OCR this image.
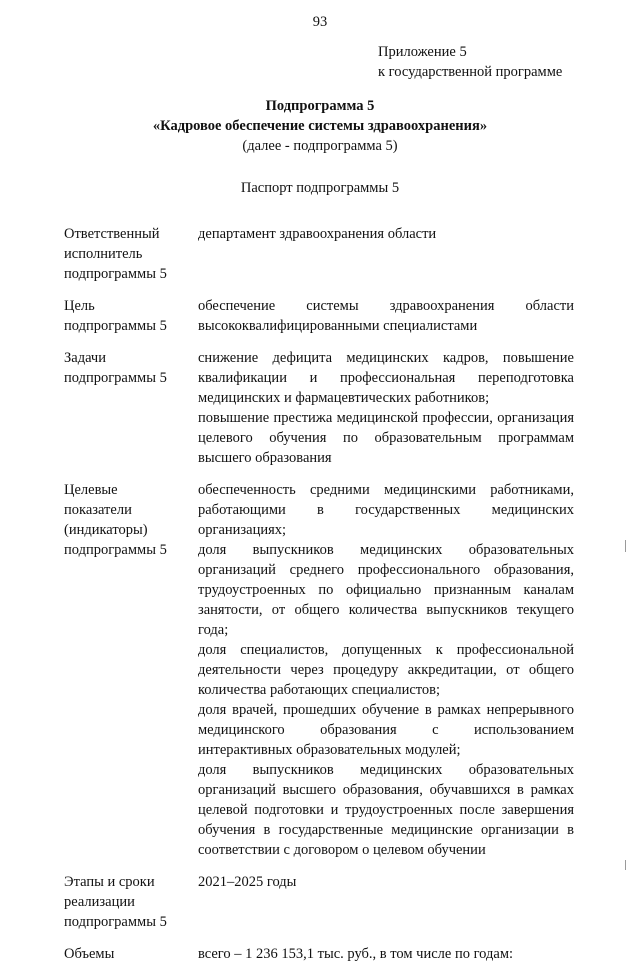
93
Приложение 5
к государственной программе
Подпрограмма 5
«Кадровое обеспечение системы здравоохранения»
(далее - подпрограмма 5)
Паспорт подпрограммы 5
Ответственный
исполнитель
подпрограммы 5

департамент здравоохранения области

Цель
подпрограммы 5

обеспечение системы здравоохранения области высококвалифицированными специалистами

Задачи
подпрограммы 5

снижение дефицита медицинских кадров, повышение квалификации и профессиональная переподготовка медицинских и фармацевтических работников;

повышение престижа медицинской профессии, организация целевого обучения по образовательным программам высшего образования

Целевые
показатели
(индикаторы)
подпрограммы 5

обеспеченность средними медицинскими работниками, работающими в государственных медицинских организациях;

доля выпускников медицинских образовательных организаций среднего профессионального образования, трудоустроенных по официально признанным каналам занятости, от общего количества выпускников текущего года;

доля специалистов, допущенных к профессиональной деятельности через процедуру аккредитации, от общего количества работающих специалистов;

доля врачей, прошедших обучение в рамках непрерывного медицинского образования с использованием интерактивных образовательных модулей;

доля выпускников медицинских образовательных организаций высшего образования, обучавшихся в рамках целевой подготовки и трудоустроенных после завершения обучения в государственные медицинские организации в соответствии с договором о целевом обучении

Этапы и сроки
реализации
подпрограммы 5

2021–2025 годы

Объемы	всего – 1 236 153,1 тыс. руб., в том числе по годам:
